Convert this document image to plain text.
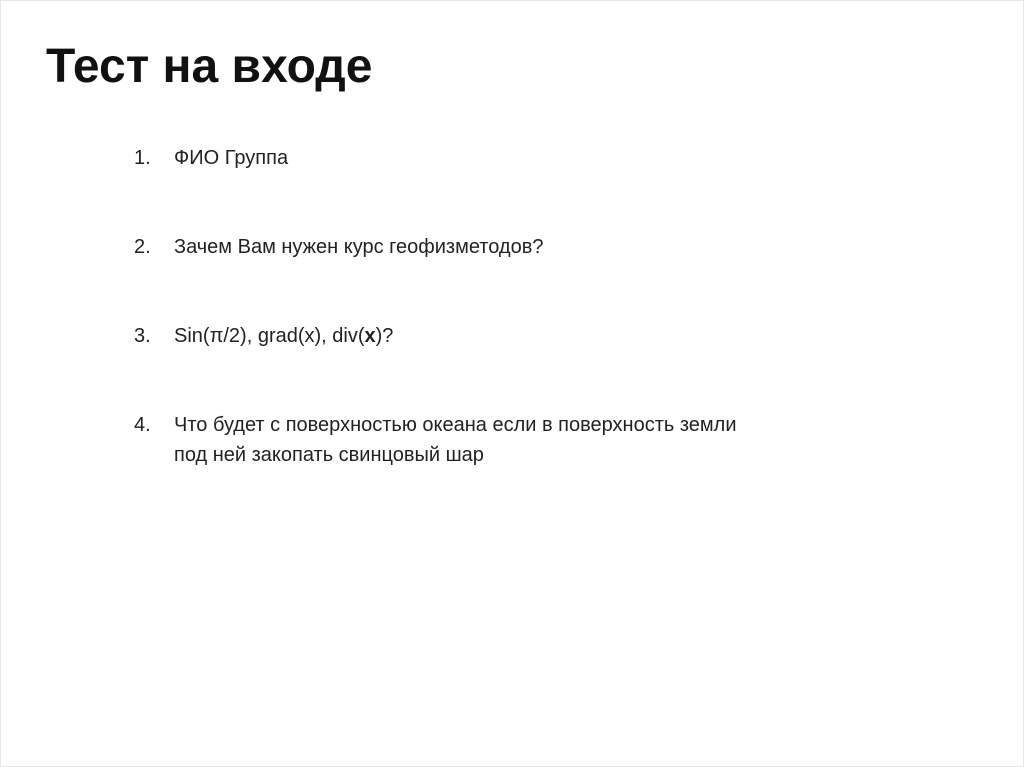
Тест на входе
1.	ФИО Группа
2.	Зачем Вам нужен курс геофизметодов?
3.	Sin(π/2), grad(x), div(x)?
4.	Что будет с поверхностью океана если в поверхность земли
под ней закопать свинцовый шар
